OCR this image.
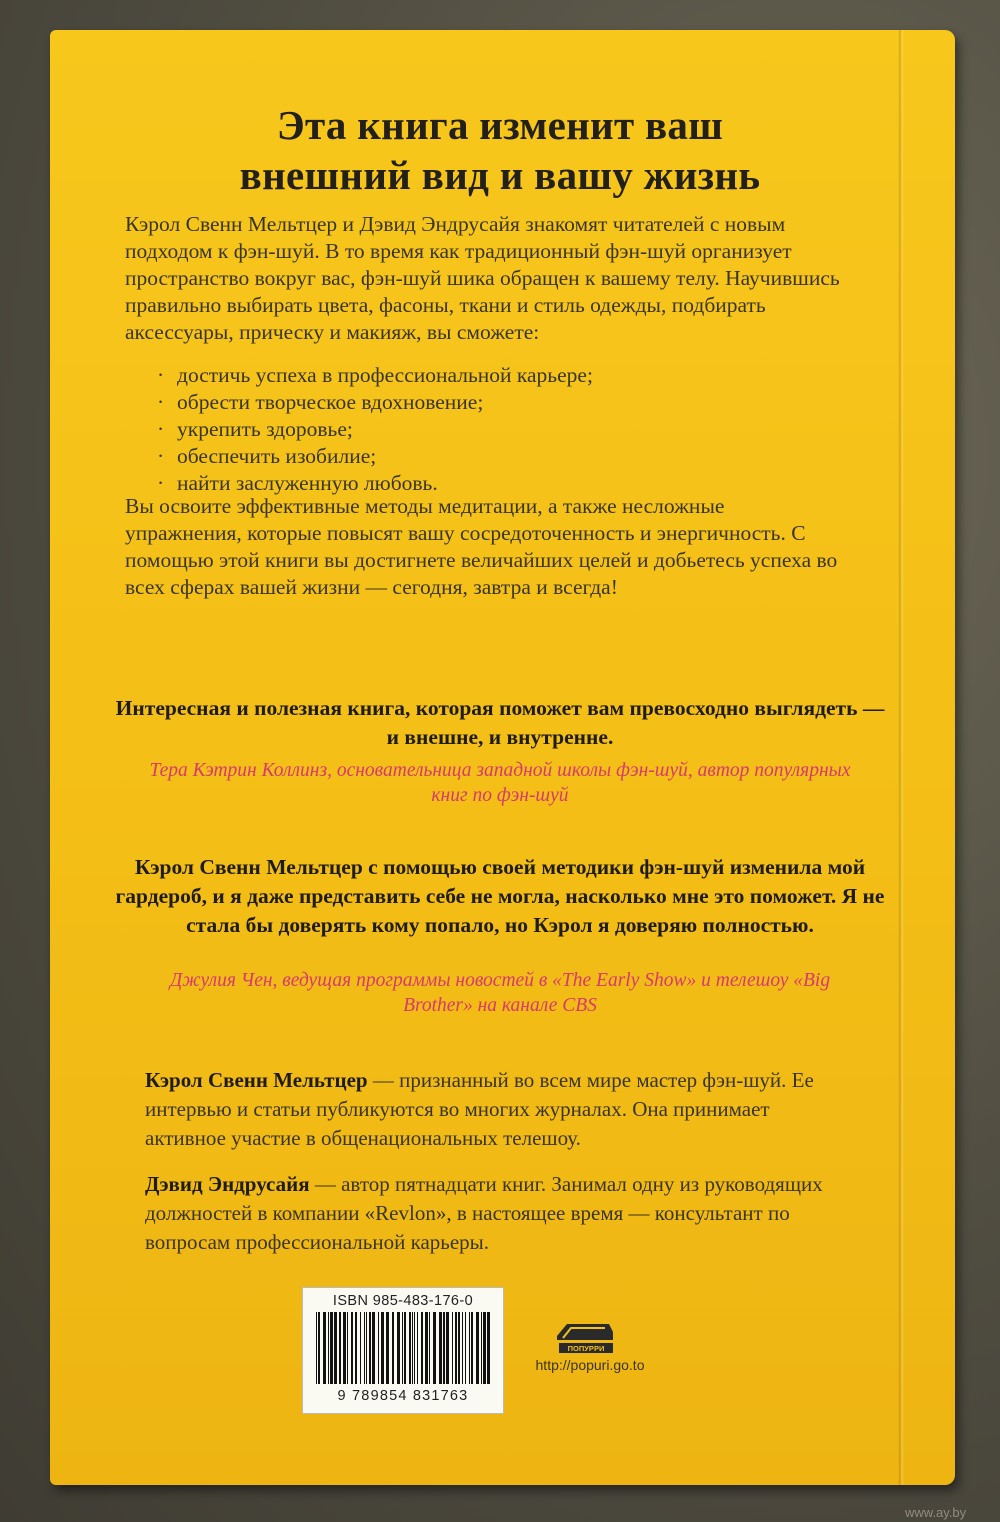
Эта книга изменит ваш
внешний вид и вашу жизнь
Кэрол Свенн Мельтцер и Дэвид Эндрусайя знакомят читателей с новым подходом к фэн-шуй. В то время как традиционный фэн-шуй организует пространство вокруг вас, фэн-шуй шика обращен к вашему телу. Научившись правильно выбирать цвета, фасоны, ткани и стиль одежды, подбирать аксессуары, прическу и макияж, вы сможете:
· достичь успеха в профессиональной карьере;
· обрести творческое вдохновение;
· укрепить здоровье;
· обеспечить изобилие;
· найти заслуженную любовь.
Вы освоите эффективные методы медитации, а также несложные упражнения, которые повысят вашу сосредоточенность и энергичность. С помощью этой книги вы достигнете величайших целей и добьетесь успеха во всех сферах вашей жизни — сегодня, завтра и всегда!
Интересная и полезная книга, которая поможет вам превосходно выглядеть — и внешне, и внутренне.
Тера Кэтрин Коллинз, основательница западной школы фэн-шуй, автор популярных книг по фэн-шуй
Кэрол Свенн Мельтцер с помощью своей методики фэн-шуй изменила мой гардероб, и я даже представить себе не могла, насколько мне это поможет. Я не стала бы доверять кому попало, но Кэрол я доверяю полностью.
Джулия Чен, ведущая программы новостей в «The Early Show» и телешоу «Big Brother» на канале CBS
Кэрол Свенн Мельтцер — признанный во всем мире мастер фэн-шуй. Ее интервью и статьи публикуются во многих журналах. Она принимает активное участие в общенациональных телешоу.
Дэвид Эндрусайя — автор пятнадцати книг. Занимал одну из руководящих должностей в компании «Revlon», в настоящее время — консультант по вопросам профессиональной карьеры.
ISBN 985-483-176-0
9 789854 831763
ПОПУРРИ
http://popuri.go.to
www.ay.by
